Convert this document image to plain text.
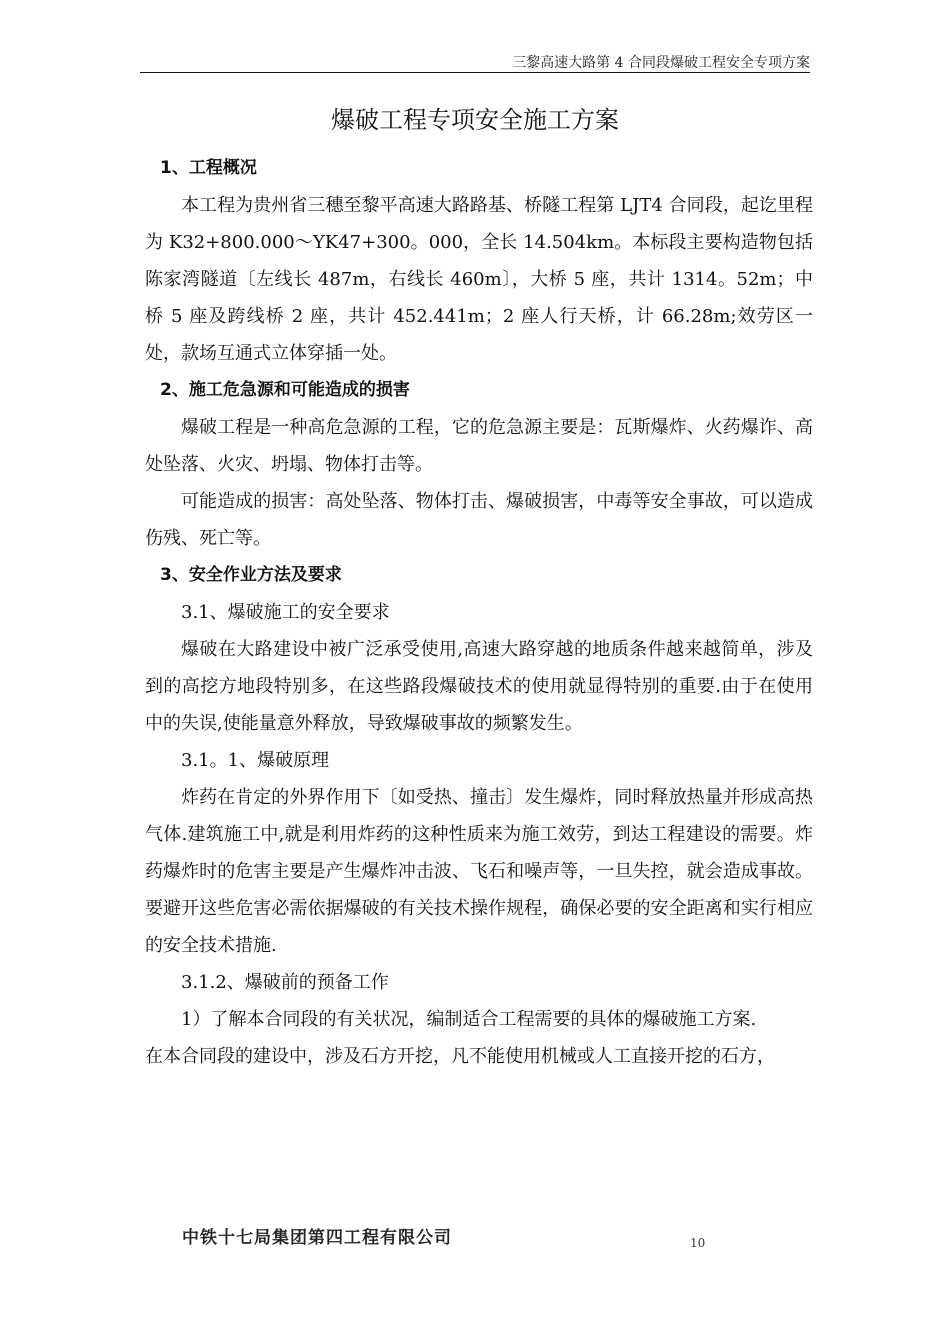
三黎高速大路第 4 合同段爆破工程安全专项方案
爆破工程专项安全施工方案

1、工程概况

本工程为贵州省三穗至黎平高速大路路基、桥隧工程第 LJT4 合同段，起讫里程为 K32+800.000～YK47+300。000，全长 14.504km。本标段主要构造物包括陈家湾隧道〔左线长 487m，右线长 460m〕，大桥 5 座，共计 1314。52m；中桥 5 座及跨线桥 2 座，共计 452.441m；2 座人行天桥，计 66.28m;效劳区一处，款场互通式立体穿插一处。

2、施工危急源和可能造成的损害

爆破工程是一种高危急源的工程，它的危急源主要是：瓦斯爆炸、火药爆诈、高处坠落、火灾、坍塌、物体打击等。

可能造成的损害：高处坠落、物体打击、爆破损害，中毒等安全事故，可以造成伤残、死亡等。

3、安全作业方法及要求

3.1、爆破施工的安全要求

爆破在大路建设中被广泛承受使用,高速大路穿越的地质条件越来越简单，涉及到的高挖方地段特别多，在这些路段爆破技术的使用就显得特别的重要.由于在使用中的失误,使能量意外释放，导致爆破事故的频繁发生。

3.1。1、爆破原理

炸药在肯定的外界作用下〔如受热、撞击〕发生爆炸，同时释放热量并形成高热气体.建筑施工中,就是利用炸药的这种性质来为施工效劳，到达工程建设的需要。炸药爆炸时的危害主要是产生爆炸冲击波、飞石和噪声等，一旦失控，就会造成事故。要避开这些危害必需依据爆破的有关技术操作规程，确保必要的安全距离和实行相应的安全技术措施.

3.1.2、爆破前的预备工作

1）了解本合同段的有关状况，编制适合工程需要的具体的爆破施工方案.

在本合同段的建设中，涉及石方开挖，凡不能使用机械或人工直接开挖的石方，

中铁十七局集团第四工程有限公司	10
